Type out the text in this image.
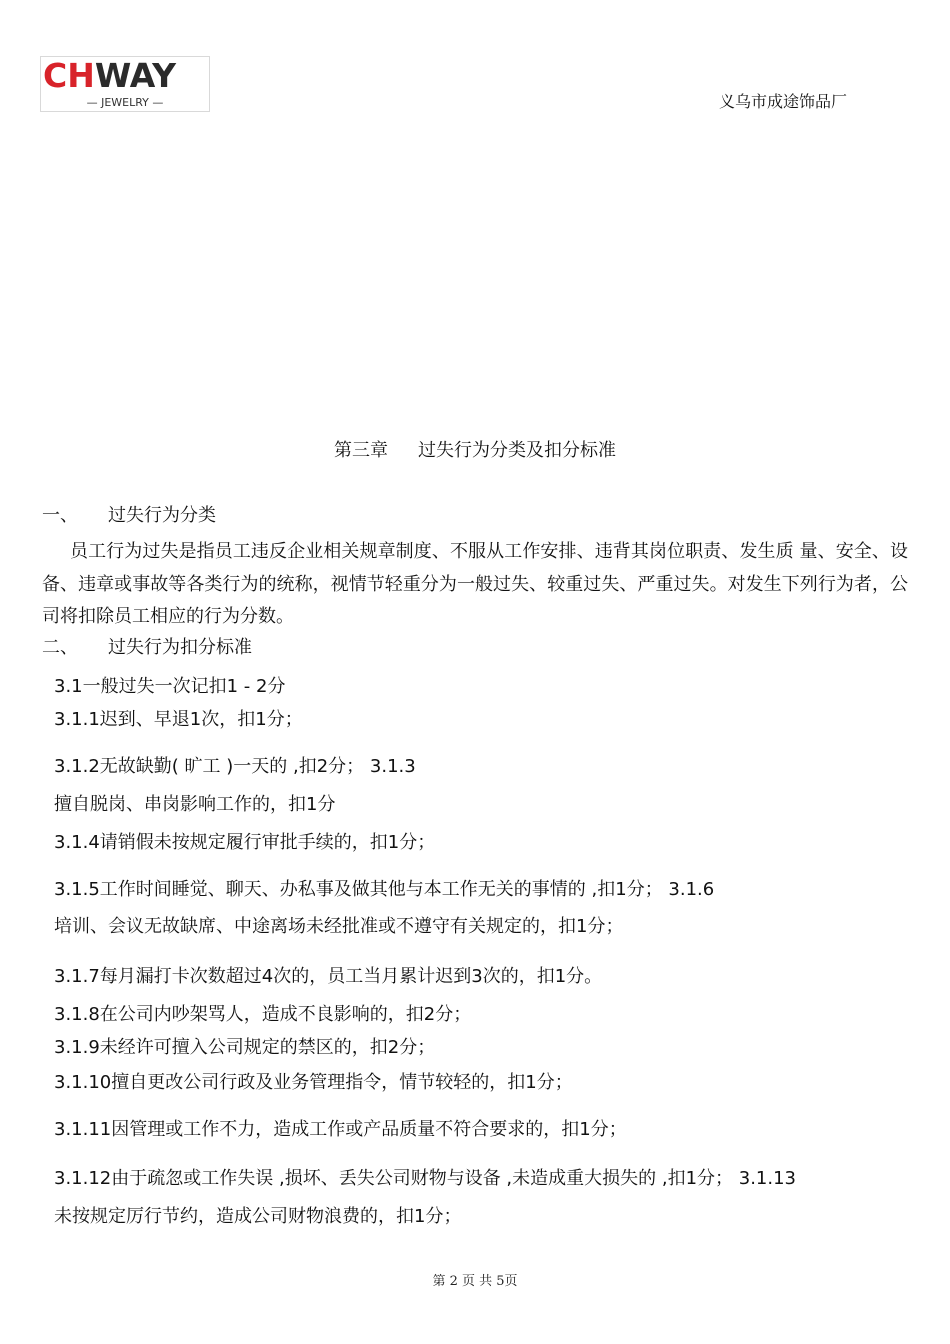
CHWAY
— JEWELRY —	义乌市成途饰品厂
第三章 过失行为分类及扣分标准
一、 过失行为分类
员工行为过失是指员工违反企业相关规章制度、不服从工作安排、违背其岗位职责、发生质 量、安全、设备、违章或事故等各类行为的统称，视情节轻重分为一般过失、较重过失、严重过失。对发生下列行为者，公 司将扣除员工相应的行为分数。
二、 过失行为扣分标准
3.1一般过失一次记扣1 - 2分
3.1.1迟到、早退1次，扣1分；
3.1.2无故缺勤( 旷工 )一天的 ,扣2分； 3.1.3
擅自脱岗、串岗影响工作的，扣1分
3.1.4请销假未按规定履行审批手续的，扣1分；
3.1.5工作时间睡觉、聊天、办私事及做其他与本工作无关的事情的 ,扣1分； 3.1.6
培训、会议无故缺席、中途离场未经批准或不遵守有关规定的，扣1分；
3.1.7每月漏打卡次数超过4次的，员工当月累计迟到3次的，扣1分。
3.1.8在公司内吵架骂人，造成不良影响的，扣2分；
3.1.9未经许可擅入公司规定的禁区的，扣2分；
3.1.10擅自更改公司行政及业务管理指令，情节较轻的，扣1分；
3.1.11因管理或工作不力，造成工作或产品质量不符合要求的，扣1分；
3.1.12由于疏忽或工作失误 ,损坏、丢失公司财物与设备 ,未造成重大损失的 ,扣1分； 3.1.13
未按规定厉行节约，造成公司财物浪费的，扣1分；
第 2 页 共 5页
